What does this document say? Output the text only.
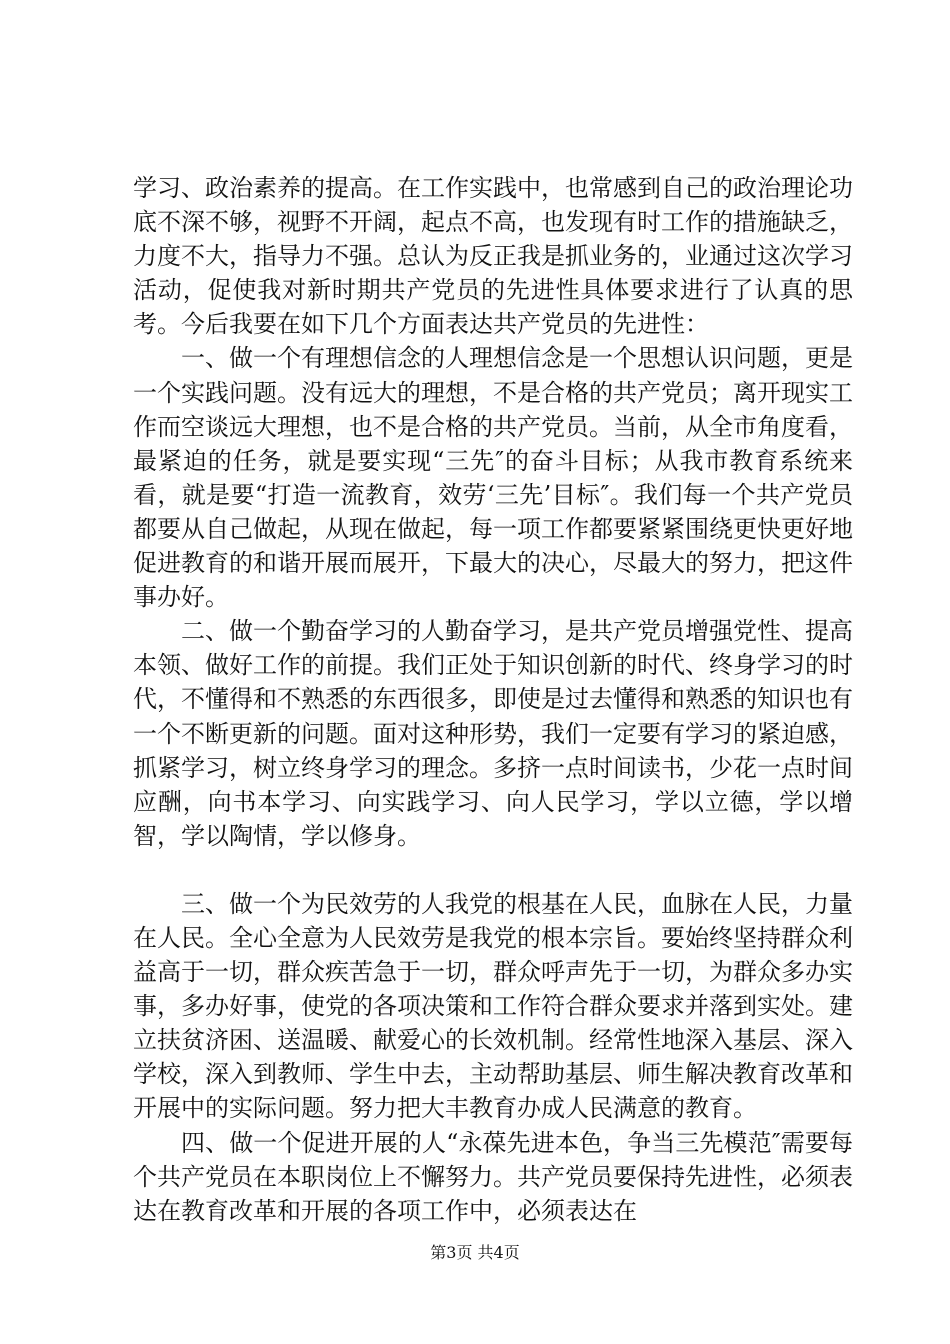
学习、政治素养的提高。在工作实践中，也常感到自己的政治理论功底不深不够，视野不开阔，起点不高，也发现有时工作的措施缺乏，力度不大，指导力不强。总认为反正我是抓业务的，业通过这次学习活动，促使我对新时期共产党员的先进性具体要求进行了认真的思考。今后我要在如下几个方面表达共产党员的先进性：

一、做一个有理想信念的人理想信念是一个思想认识问题，更是一个实践问题。没有远大的理想，不是合格的共产党员；离开现实工作而空谈远大理想，也不是合格的共产党员。当前，从全市角度看，最紧迫的任务，就是要实现“三先″的奋斗目标；从我市教育系统来看，就是要“打造一流教育，效劳‘三先’目标″。我们每一个共产党员都要从自己做起，从现在做起，每一项工作都要紧紧围绕更快更好地促进教育的和谐开展而展开，下最大的决心，尽最大的努力，把这件事办好。

二、做一个勤奋学习的人勤奋学习，是共产党员增强党性、提高本领、做好工作的前提。我们正处于知识创新的时代、终身学习的时代，不懂得和不熟悉的东西很多，即使是过去懂得和熟悉的知识也有一个不断更新的问题。面对这种形势，我们一定要有学习的紧迫感，抓紧学习，树立终身学习的理念。多挤一点时间读书，少花一点时间应酬，向书本学习、向实践学习、向人民学习，学以立德，学以增智，学以陶情，学以修身。

三、做一个为民效劳的人我党的根基在人民，血脉在人民，力量在人民。全心全意为人民效劳是我党的根本宗旨。要始终坚持群众利益高于一切，群众疾苦急于一切，群众呼声先于一切，为群众多办实事，多办好事，使党的各项决策和工作符合群众要求并落到实处。建立扶贫济困、送温暖、献爱心的长效机制。经常性地深入基层、深入学校，深入到教师、学生中去，主动帮助基层、师生解决教育改革和开展中的实际问题。努力把大丰教育办成人民满意的教育。

四、做一个促进开展的人“永葆先进本色，争当三先模范″需要每个共产党员在本职岗位上不懈努力。共产党员要保持先进性，必须表达在教育改革和开展的各项工作中，必须表达在

第3页 共4页
